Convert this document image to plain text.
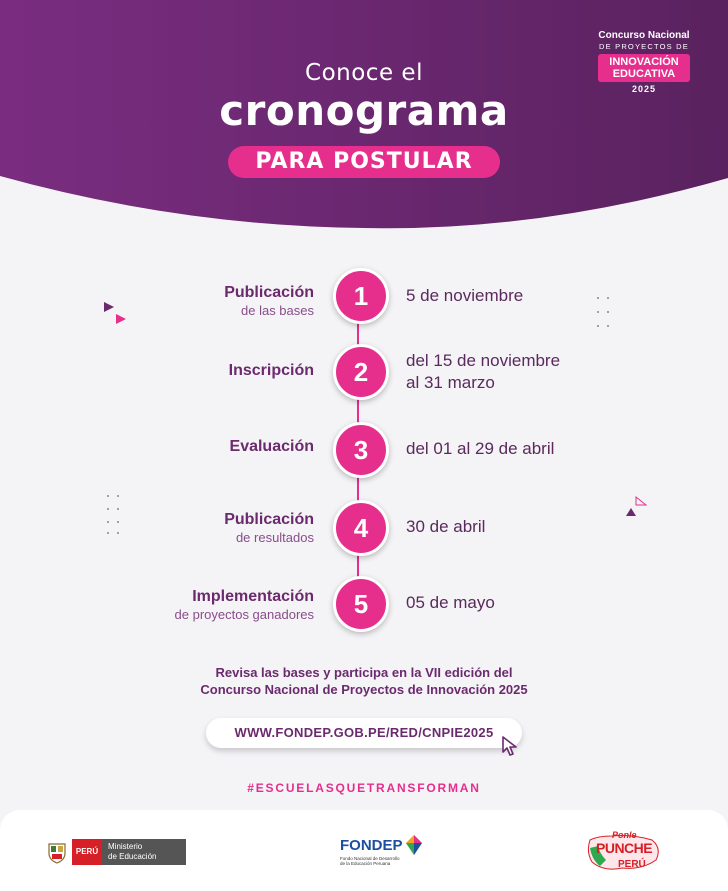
Conoce el
cronograma
PARA POSTULAR
Concurso Nacional
DE PROYECTOS DE
INNOVACIÓN
EDUCATIVA
2025
1
Publicación
de las bases
5 de noviembre
2
Inscripción
del 15 de noviembre
al 31 marzo
3
Evaluación	del 01 al 29 de abril
4
Publicación
de resultados
30 de abril
5
Implementación
de proyectos ganadores
05 de mayo
Revisa las bases y participa en la VII edición del
Concurso Nacional de Proyectos de Innovación 2025
WWW.FONDEP.GOB.PE/RED/CNPIE2025
#ESCUELASQUETRANSFORMAN
PERÚ
Ministerio
de Educación
FONDEP
Fondo Nacional de Desarrollo
de la Educación Peruana
Ponle
PUNCHE
PERÚ
